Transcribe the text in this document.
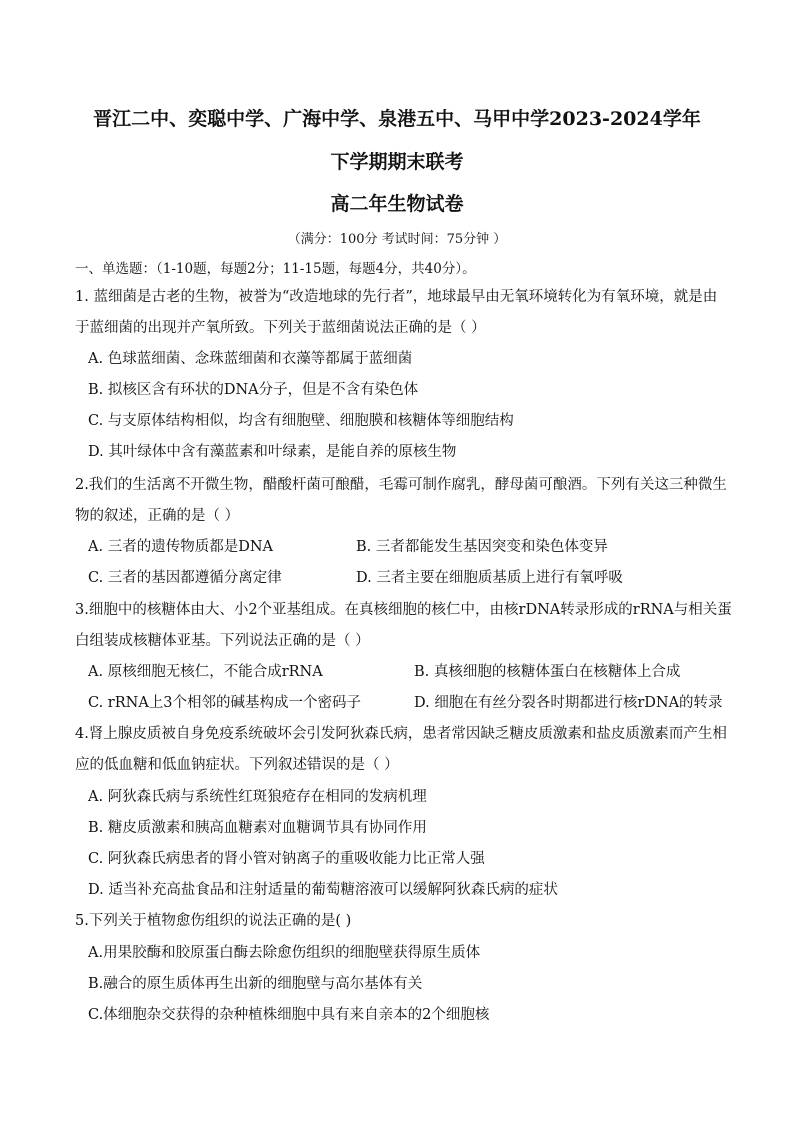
晋江二中、奕聪中学、广海中学、泉港五中、马甲中学2023-2024学年
下学期期末联考
高二年生物试卷
（满分：100分 考试时间：75分钟 ）
一、单选题：（1-10题，每题2分；11-15题，每题4分，共40分）。
1. 蓝细菌是古老的生物，被誉为“改造地球的先行者”，地球最早由无氧环境转化为有氧环境，就是由
于蓝细菌的出现并产氧所致。下列关于蓝细菌说法正确的是（ ）
A. 色球蓝细菌、念珠蓝细菌和衣藻等都属于蓝细菌
B. 拟核区含有环状的DNA分子，但是不含有染色体
C. 与支原体结构相似，均含有细胞壁、细胞膜和核糖体等细胞结构
D. 其叶绿体中含有藻蓝素和叶绿素，是能自养的原核生物
2.我们的生活离不开微生物，醋酸杆菌可酿醋，毛霉可制作腐乳，酵母菌可酿酒。下列有关这三种微生
物的叙述，正确的是（ ）
A. 三者的遗传物质都是DNA	B. 三者都能发生基因突变和染色体变异
C. 三者的基因都遵循分离定律	D. 三者主要在细胞质基质上进行有氧呼吸
3.细胞中的核糖体由大、小2个亚基组成。在真核细胞的核仁中，由核rDNA转录形成的rRNA与相关蛋
白组装成核糖体亚基。下列说法正确的是（ ）
A. 原核细胞无核仁，不能合成rRNA	B. 真核细胞的核糖体蛋白在核糖体上合成
C. rRNA上3个相邻的碱基构成一个密码子	D. 细胞在有丝分裂各时期都进行核rDNA的转录
4.肾上腺皮质被自身免疫系统破坏会引发阿狄森氏病，患者常因缺乏糖皮质激素和盐皮质激素而产生相
应的低血糖和低血钠症状。下列叙述错误的是（ ）
A. 阿狄森氏病与系统性红斑狼疮存在相同的发病机理
B. 糖皮质激素和胰高血糖素对血糖调节具有协同作用
C. 阿狄森氏病患者的肾小管对钠离子的重吸收能力比正常人强
D. 适当补充高盐食品和注射适量的葡萄糖溶液可以缓解阿狄森氏病的症状
5.下列关于植物愈伤组织的说法正确的是( )
A.用果胶酶和胶原蛋白酶去除愈伤组织的细胞壁获得原生质体
B.融合的原生质体再生出新的细胞壁与高尔基体有关
C.体细胞杂交获得的杂种植株细胞中具有来自亲本的2个细胞核
